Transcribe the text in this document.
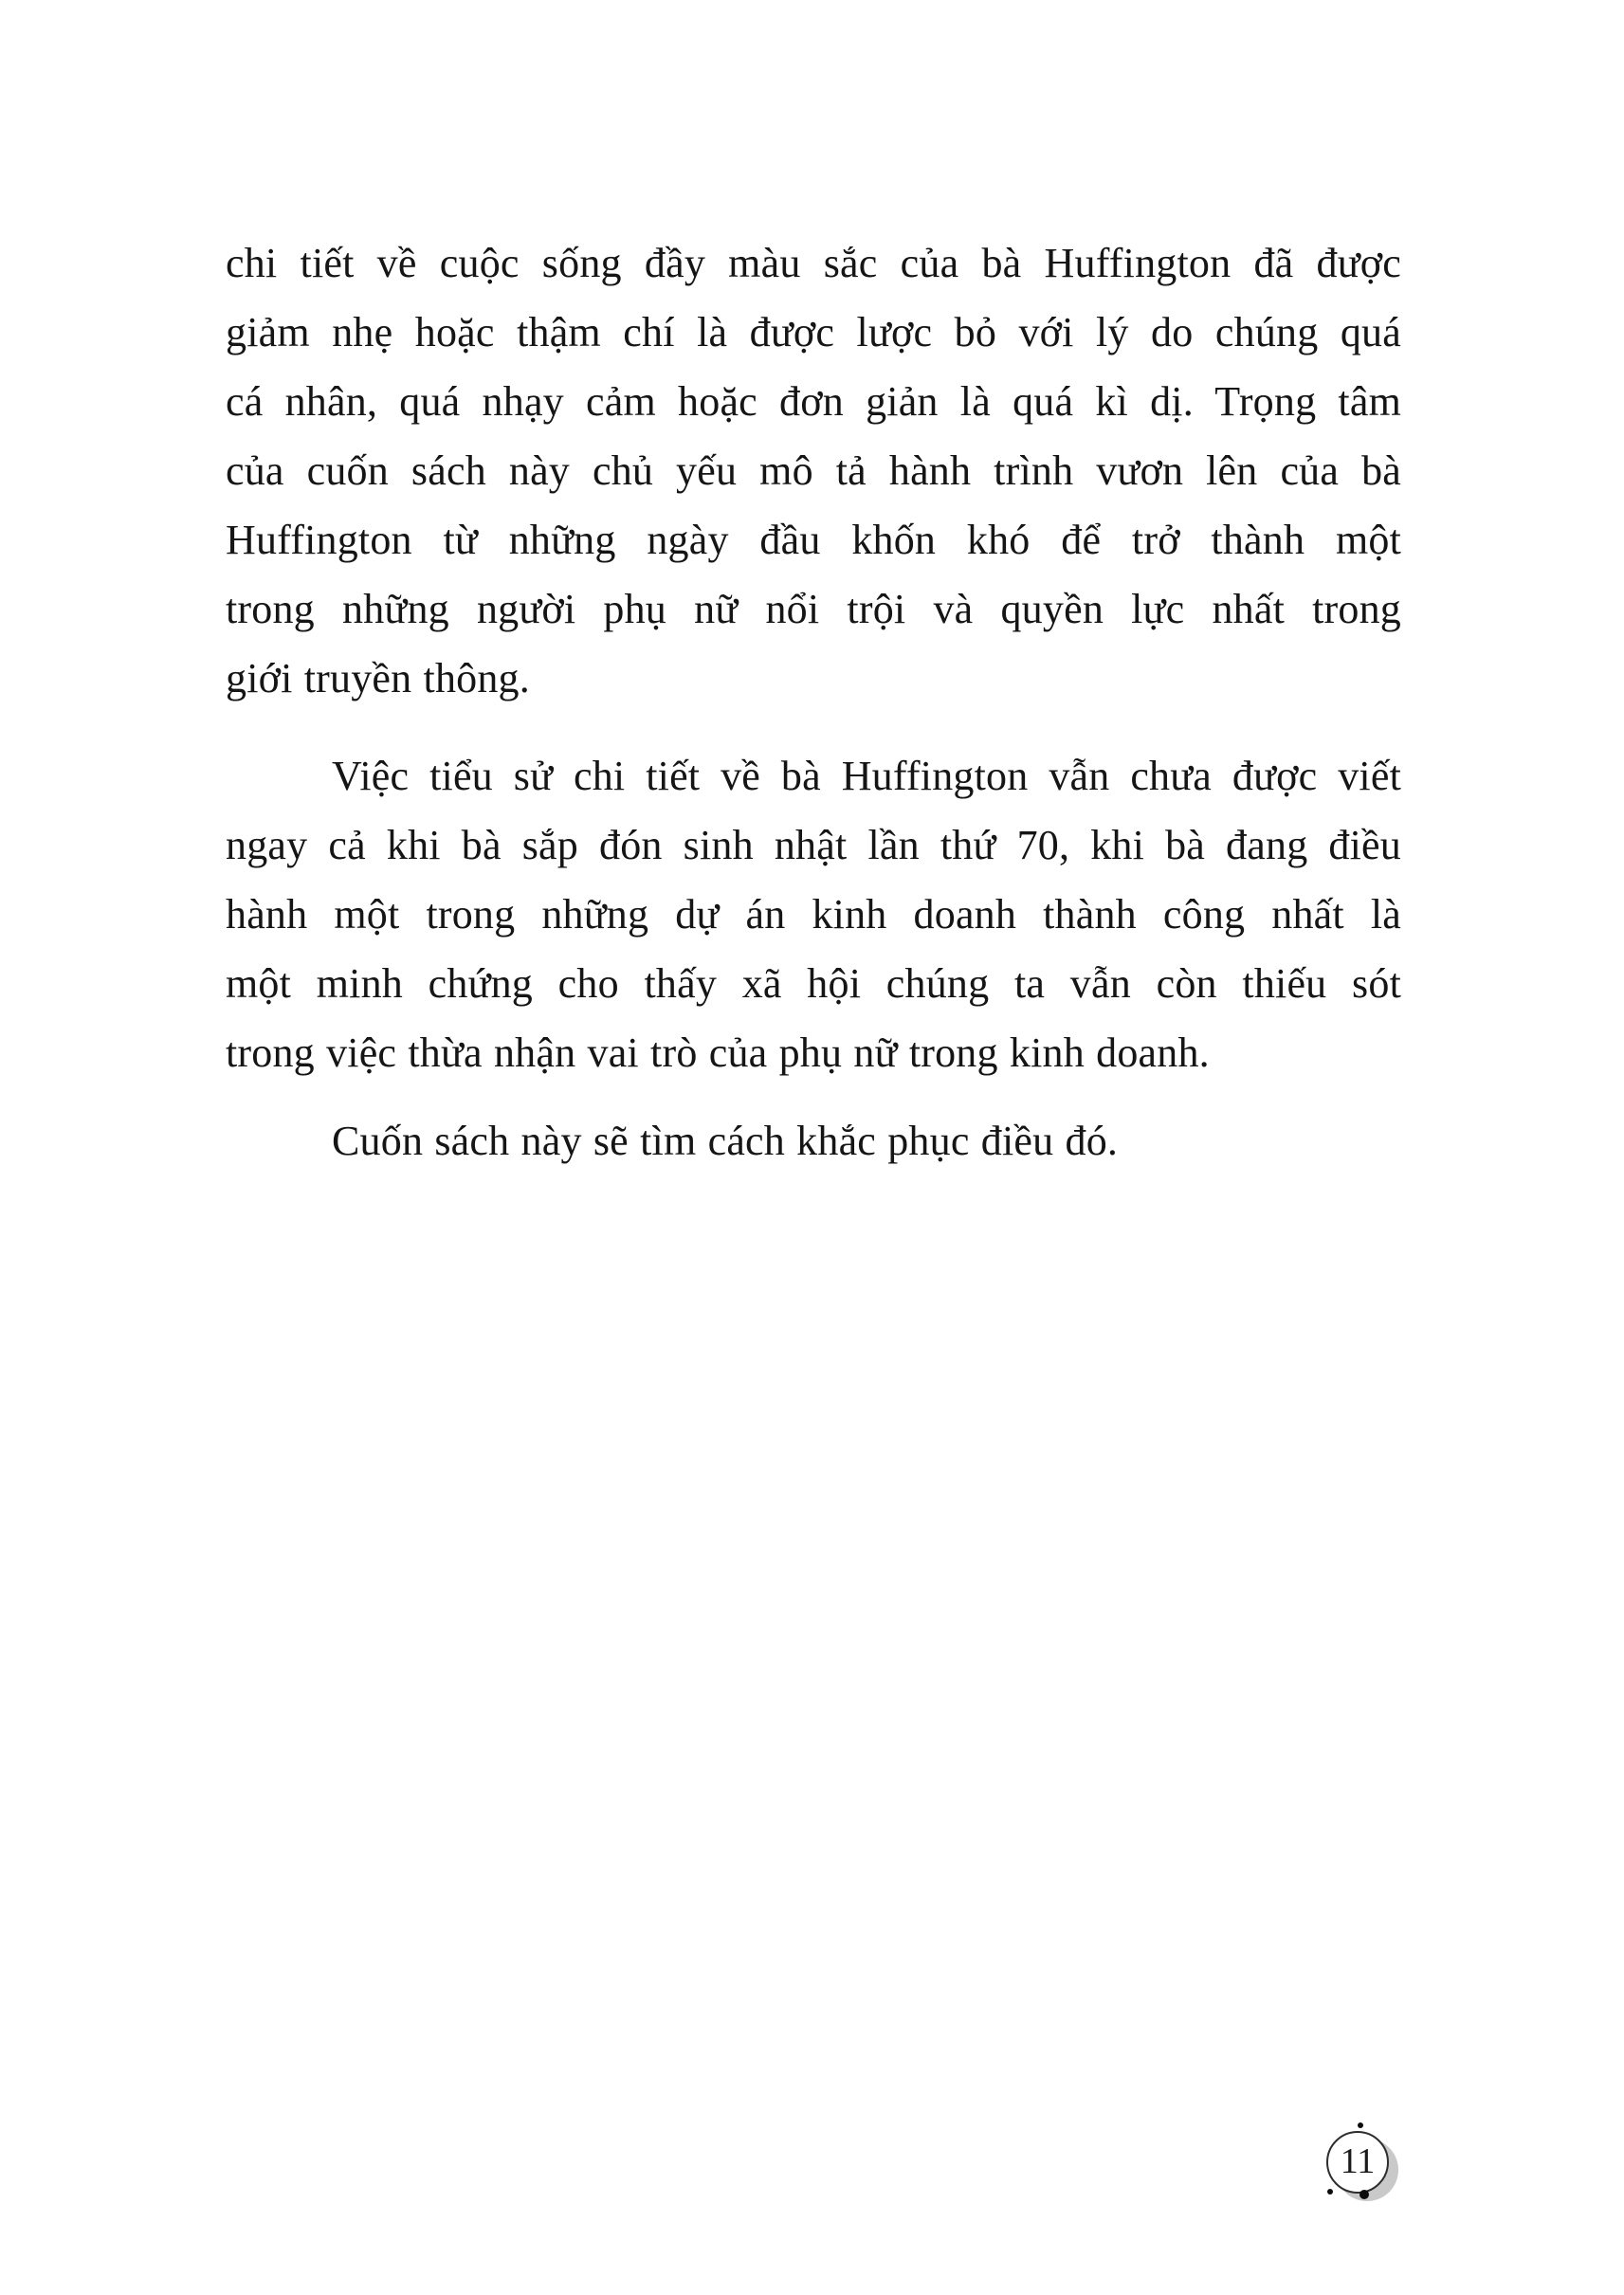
chi tiết về cuộc sống đầy màu sắc của bà Huffington đã được
giảm nhẹ hoặc thậm chí là được lược bỏ với lý do chúng quá
cá nhân, quá nhạy cảm hoặc đơn giản là quá kì dị. Trọng tâm
của cuốn sách này chủ yếu mô tả hành trình vươn lên của bà
Huffington từ những ngày đầu khốn khó để trở thành một
trong những người phụ nữ nổi trội và quyền lực nhất trong
giới truyền thông.
Việc tiểu sử chi tiết về bà Huffington vẫn chưa được viết
ngay cả khi bà sắp đón sinh nhật lần thứ 70, khi bà đang điều
hành một trong những dự án kinh doanh thành công nhất là
một minh chứng cho thấy xã hội chúng ta vẫn còn thiếu sót
trong việc thừa nhận vai trò của phụ nữ trong kinh doanh.
Cuốn sách này sẽ tìm cách khắc phục điều đó.
11
